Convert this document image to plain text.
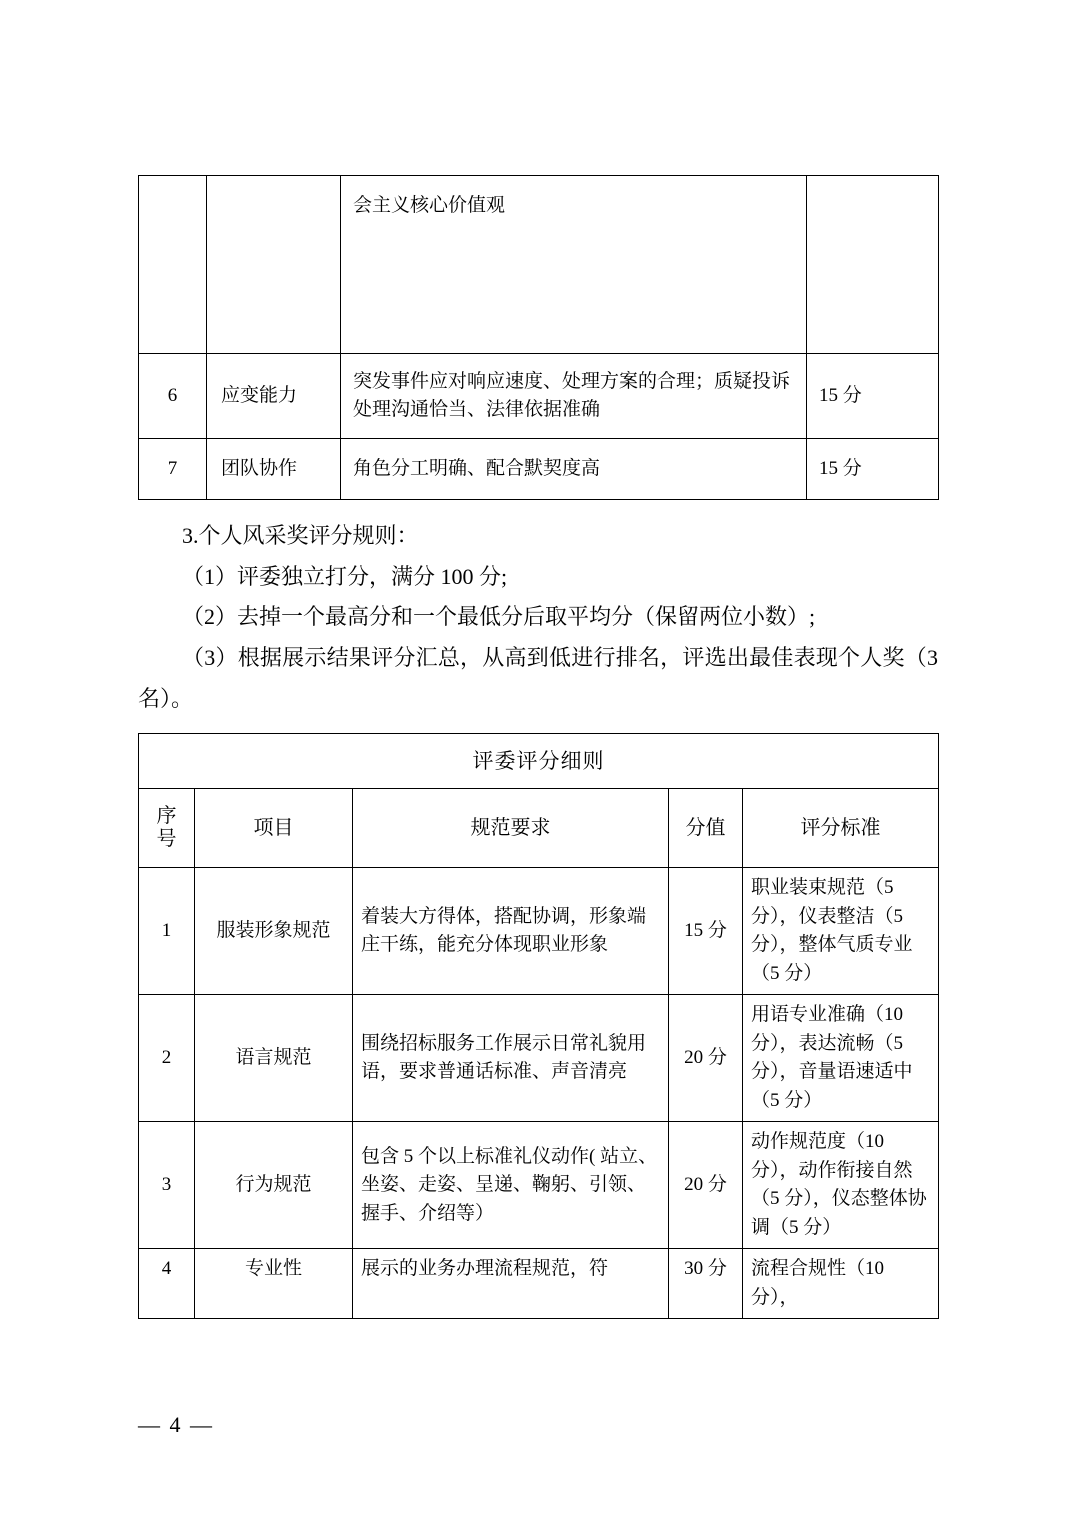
		会主义核心价值观	
6	应变能力	突发事件应对响应速度、处理方案的合理；质疑投诉处理沟通恰当、法律依据准确	15 分
7	团队协作	角色分工明确、配合默契度高	15 分

3.个人风采奖评分规则：

（1）评委独立打分，满分 100 分;

（2）去掉一个最高分和一个最低分后取平均分（保留两位小数）;

（3）根据展示结果评分汇总，从高到低进行排名，评选出最佳表现个人奖（3 名）。

评委评分细则				

序
号	项目	规范要求	分值	评分标准
1	服装形象规范	着装大方得体，搭配协调，形象端庄干练，能充分体现职业形象	15 分	职业装束规范（5 分），仪表整洁（5 分），整体气质专业（5 分）
2	语言规范	围绕招标服务工作展示日常礼貌用语，要求普通话标准、声音清亮	20 分	用语专业准确（10 分），表达流畅（5 分），音量语速适中（5 分）
3	行为规范	包含 5 个以上标准礼仪动作( 站立、坐姿、走姿、呈递、鞠躬、引领、握手、介绍等）	20 分	动作规范度（10 分），动作衔接自然（5 分），仪态整体协调（5 分）
4	专业性	展示的业务办理流程规范，符	30 分	流程合规性（10 分），
— 4 —
